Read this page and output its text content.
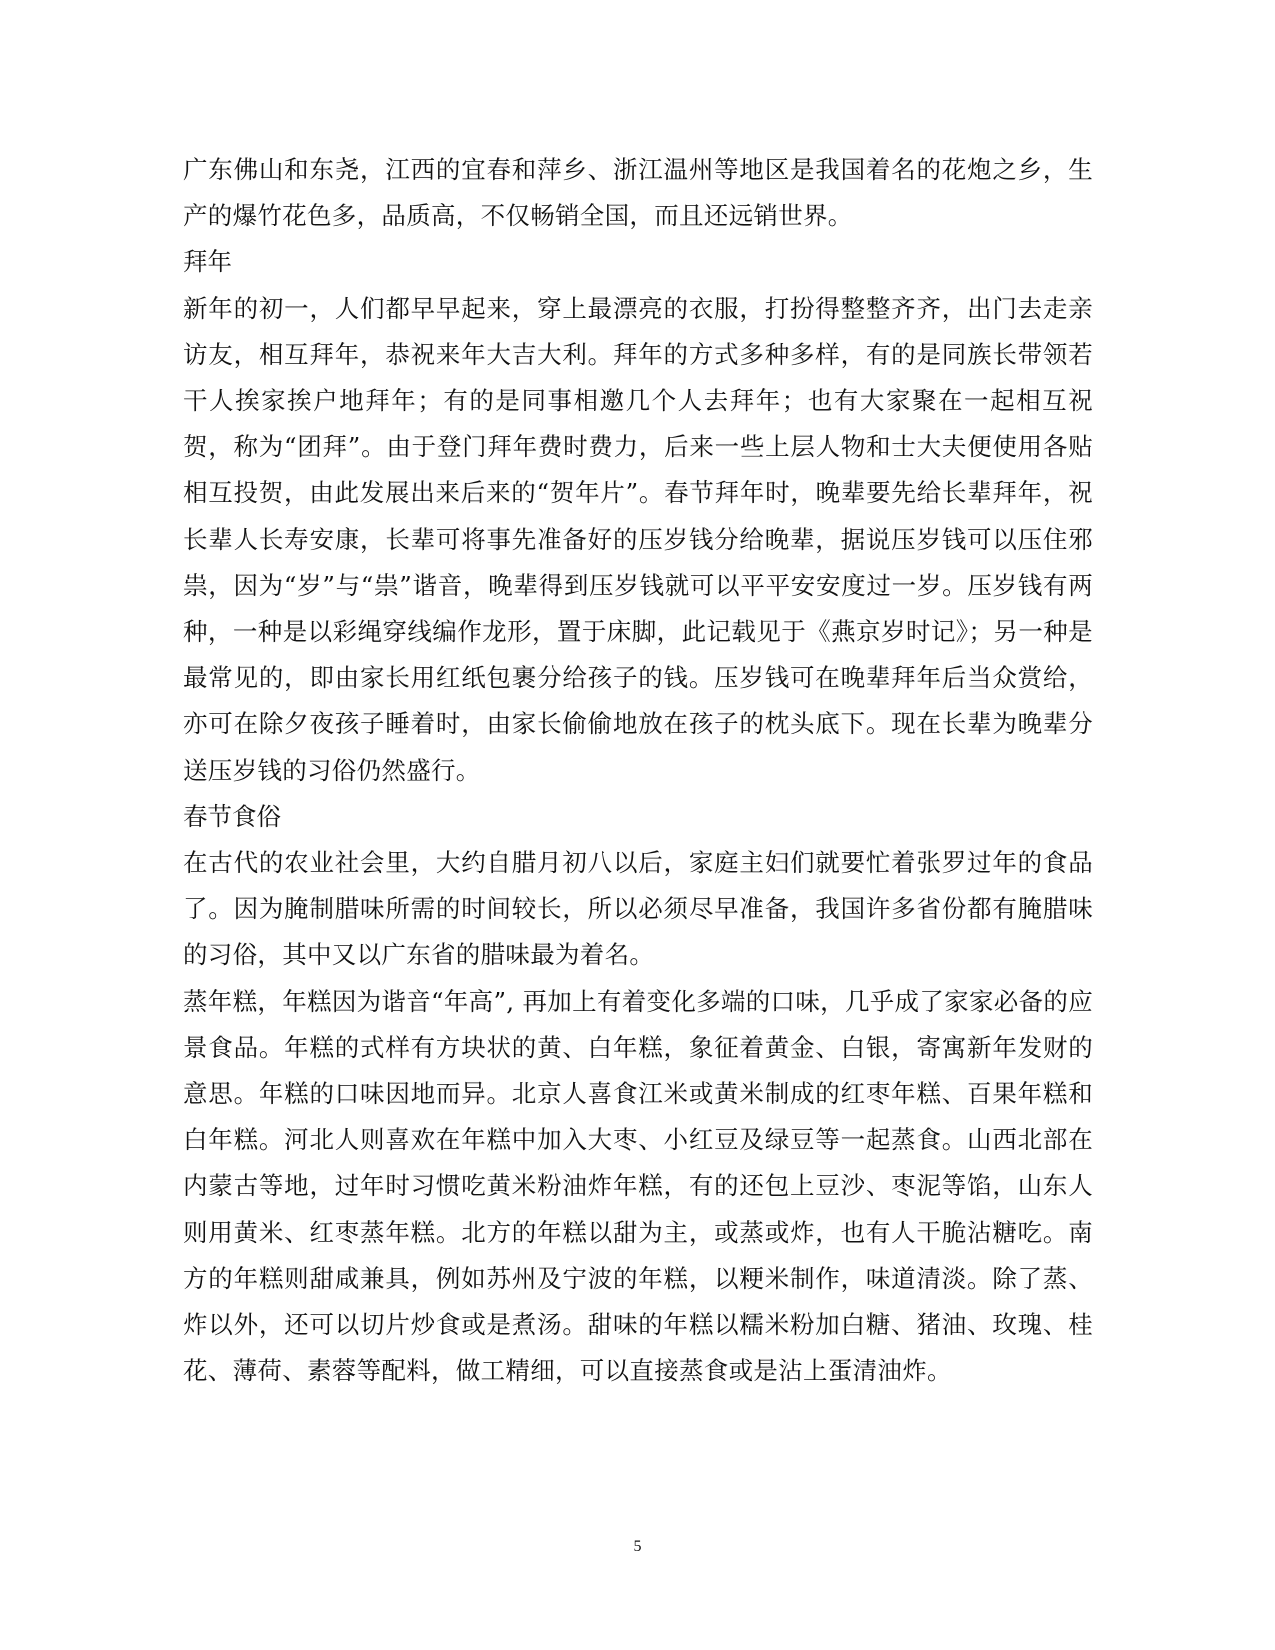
广东佛山和东尧，江西的宜春和萍乡、浙江温州等地区是我国着名的花炮之乡，生产的爆竹花色多，品质高，不仅畅销全国，而且还远销世界。

拜年

新年的初一，人们都早早起来，穿上最漂亮的衣服，打扮得整整齐齐，出门去走亲访友，相互拜年，恭祝来年大吉大利。拜年的方式多种多样，有的是同族长带领若干人挨家挨户地拜年；有的是同事相邀几个人去拜年；也有大家聚在一起相互祝贺，称为“团拜”。由于登门拜年费时费力，后来一些上层人物和士大夫便使用各贴相互投贺，由此发展出来后来的“贺年片”。春节拜年时，晚辈要先给长辈拜年，祝长辈人长寿安康，长辈可将事先准备好的压岁钱分给晚辈，据说压岁钱可以压住邪祟，因为“岁”与“祟”谐音，晚辈得到压岁钱就可以平平安安度过一岁。压岁钱有两种，一种是以彩绳穿线编作龙形，置于床脚，此记载见于《燕京岁时记》；另一种是最常见的，即由家长用红纸包裹分给孩子的钱。压岁钱可在晚辈拜年后当众赏给，亦可在除夕夜孩子睡着时，由家长偷偷地放在孩子的枕头底下。现在长辈为晚辈分送压岁钱的习俗仍然盛行。

春节食俗

在古代的农业社会里，大约自腊月初八以后，家庭主妇们就要忙着张罗过年的食品了。因为腌制腊味所需的时间较长，所以必须尽早准备，我国许多省份都有腌腊味的习俗，其中又以广东省的腊味最为着名。

蒸年糕，年糕因为谐音“年高”, 再加上有着变化多端的口味，几乎成了家家必备的应景食品。年糕的式样有方块状的黄、白年糕，象征着黄金、白银，寄寓新年发财的意思。年糕的口味因地而异。北京人喜食江米或黄米制成的红枣年糕、百果年糕和白年糕。河北人则喜欢在年糕中加入大枣、小红豆及绿豆等一起蒸食。山西北部在内蒙古等地，过年时习惯吃黄米粉油炸年糕，有的还包上豆沙、枣泥等馅，山东人则用黄米、红枣蒸年糕。北方的年糕以甜为主，或蒸或炸，也有人干脆沾糖吃。南方的年糕则甜咸兼具，例如苏州及宁波的年糕，以粳米制作，味道清淡。除了蒸、炸以外，还可以切片炒食或是煮汤。甜味的年糕以糯米粉加白糖、猪油、玫瑰、桂花、薄荷、素蓉等配料，做工精细，可以直接蒸食或是沾上蛋清油炸。

5
